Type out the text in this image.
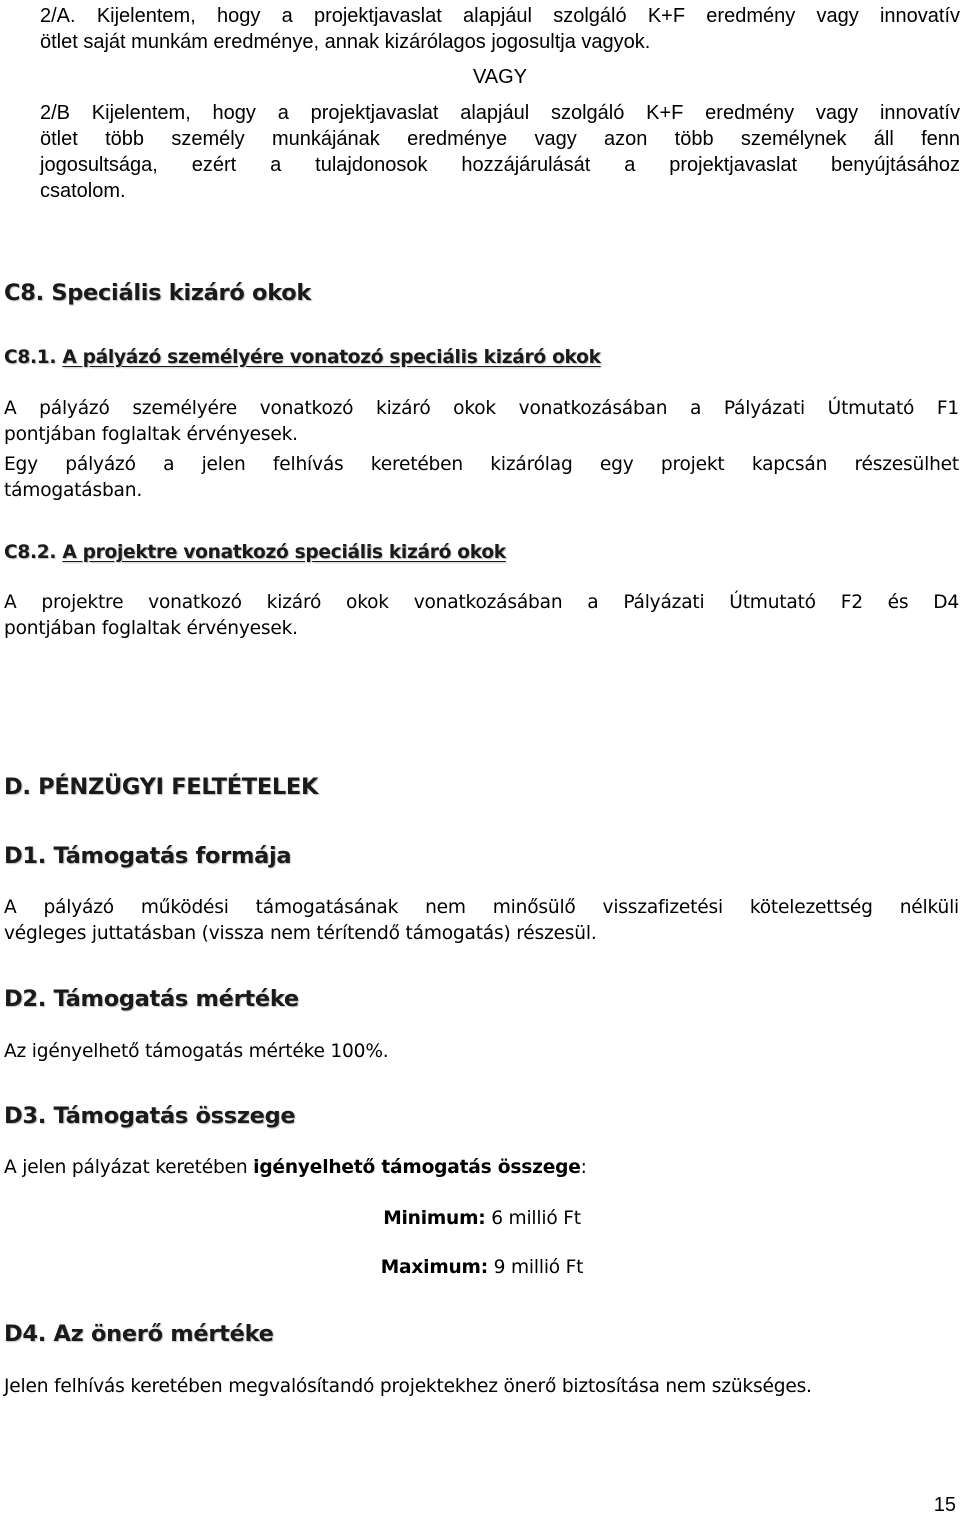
2/A. Kijelentem, hogy a projektjavaslat alapjául szolgáló K+F eredmény vagy innovatív
ötlet saját munkám eredménye, annak kizárólagos jogosultja vagyok.
VAGY
2/B Kijelentem, hogy a projektjavaslat alapjául szolgáló K+F eredmény vagy innovatív
ötlet több személy munkájának eredménye vagy azon több személynek áll fenn
jogosultsága, ezért a tulajdonosok hozzájárulását a projektjavaslat benyújtásához
csatolom.
C8. Speciális kizáró okok
C8.1. A pályázó személyére vonatozó speciális kizáró okok
A pályázó személyére vonatkozó kizáró okok vonatkozásában a Pályázati Útmutató F1
pontjában foglaltak érvényesek.
Egy pályázó a jelen felhívás keretében kizárólag egy projekt kapcsán részesülhet
támogatásban.
C8.2. A projektre vonatkozó speciális kizáró okok
A projektre vonatkozó kizáró okok vonatkozásában a Pályázati Útmutató F2 és D4
pontjában foglaltak érvényesek.
D. PÉNZÜGYI FELTÉTELEK
D1. Támogatás formája
A pályázó működési támogatásának nem minősülő visszafizetési kötelezettség nélküli
végleges juttatásban (vissza nem térítendő támogatás) részesül.
D2. Támogatás mértéke
Az igényelhető támogatás mértéke 100%.
D3. Támogatás összege
A jelen pályázat keretében igényelhető támogatás összege:
Minimum: 6 millió Ft
Maximum: 9 millió Ft
D4. Az önerő mértéke
Jelen felhívás keretében megvalósítandó projektekhez önerő biztosítása nem szükséges.
15
